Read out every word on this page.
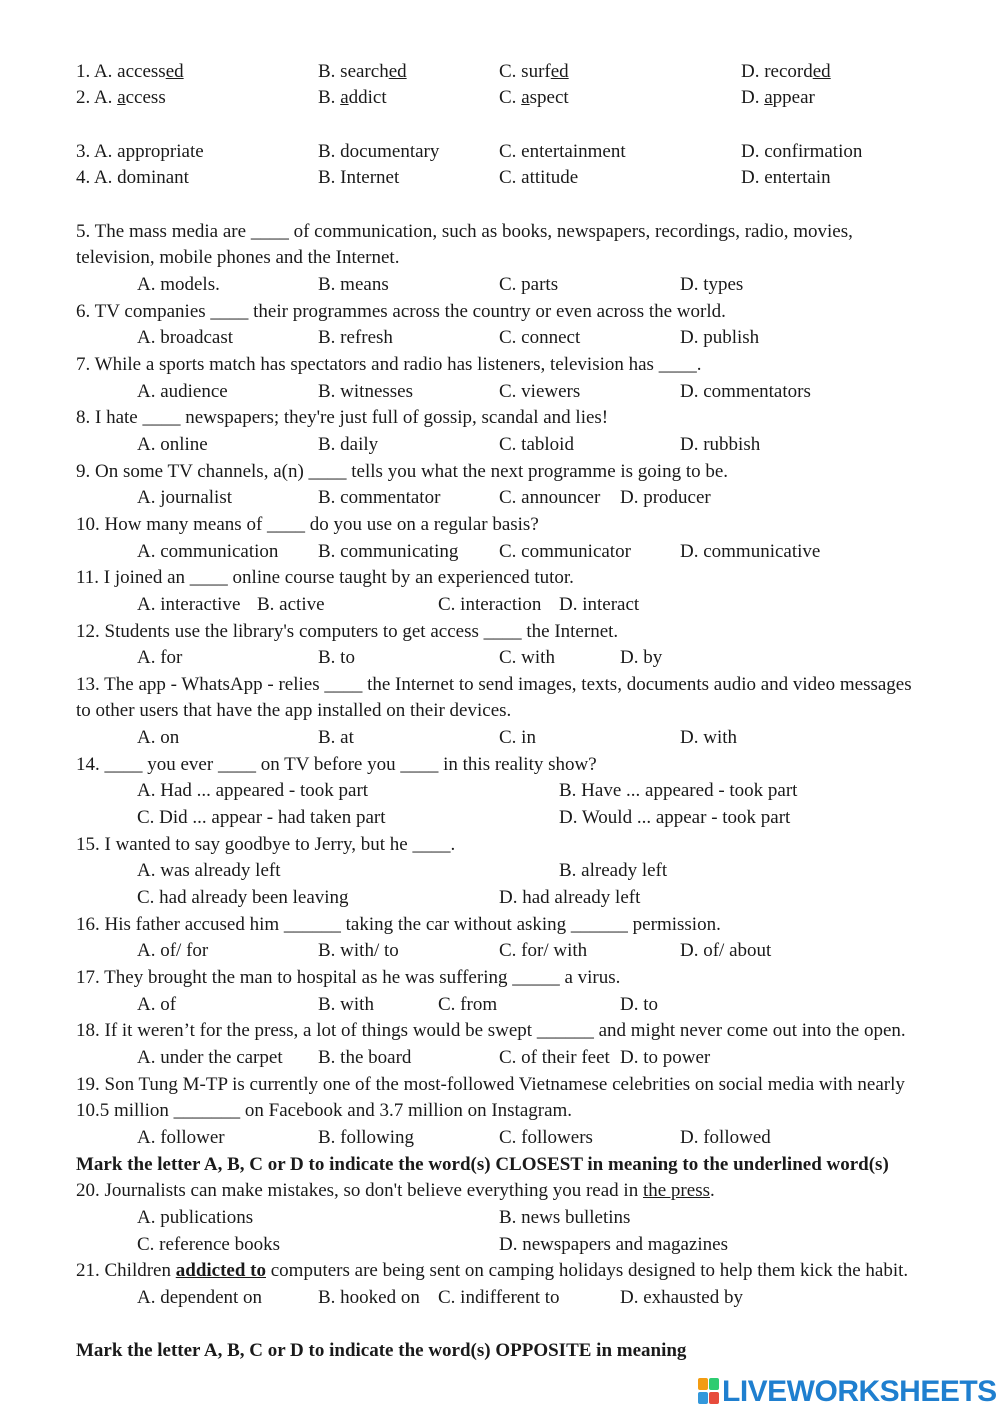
1. A. accessed	B. searched	C. surfed	D. recorded
2. A. access	B. addict	C. aspect	D. appear
3. A. appropriate	B. documentary	C. entertainment	D. confirmation
4. A. dominant	B. Internet	C. attitude	D. entertain
5. The mass media are ____ of communication, such as books, newspapers, recordings, radio, movies,
television, mobile phones and the Internet.
A. models.	B. means	C. parts	D. types
6. TV companies ____ their programmes across the country or even across the world.
A. broadcast	B. refresh	C. connect	D. publish
7. While a sports match has spectators and radio has listeners, television has ____.
A. audience	B. witnesses	C. viewers	D. commentators
8. I hate ____ newspapers; they're just full of gossip, scandal and lies!
A. online	B. daily	C. tabloid	D. rubbish
9. On some TV channels, a(n) ____ tells you what the next programme is going to be.
A. journalist	B. commentator	C. announcer D. producer
10. How many means of ____ do you use on a regular basis?
A. communication B. communicating C. communicator	D. communicative
11. I joined an ____ online course taught by an experienced tutor.
A. interactive B. active	C. interaction D. interact
12. Students use the library's computers to get access ____ the Internet.
A. for	B. to	C. with	D. by
13. The app - WhatsApp - relies ____ the Internet to send images, texts, documents audio and video messages
to other users that have the app installed on their devices.
A. on	B. at	C. in	D. with
14. ____ you ever ____ on TV before you ____ in this reality show?
A. Had ... appeared - took part	B. Have ... appeared - took part
C. Did ... appear - had taken part	D. Would ... appear - took part
15. I wanted to say goodbye to Jerry, but he ____.
A. was already left	B. already left
C. had already been leaving	D. had already left
16. His father accused him ______ taking the car without asking ______ permission.
A. of/ for	B. with/ to	C. for/ with	D. of/ about
17. They brought the man to hospital as he was suffering _____ a virus.
A. of	B. with	C. from	D. to
18. If it weren’t for the press, a lot of things would be swept ______ and might never come out into the open.
A. under the carpet B. the board	C. of their feet D. to power
19. Son Tung M-TP is currently one of the most-followed Vietnamese celebrities on social media with nearly
10.5 million _______ on Facebook and 3.7 million on Instagram.
A. follower	B. following	C. followers	D. followed
Mark the letter A, B, C or D to indicate the word(s) CLOSEST in meaning to the underlined word(s)
20. Journalists can make mistakes, so don't believe everything you read in the press.
A. publications	B. news bulletins
C. reference books	D. newspapers and magazines
21. Children addicted to computers are being sent on camping holidays designed to help them kick the habit.
A. dependent on	B. hooked on C. indifferent to	D. exhausted by
Mark the letter A, B, C or D to indicate the word(s) OPPOSITE in meaning
LIVEWORKSHEETS
